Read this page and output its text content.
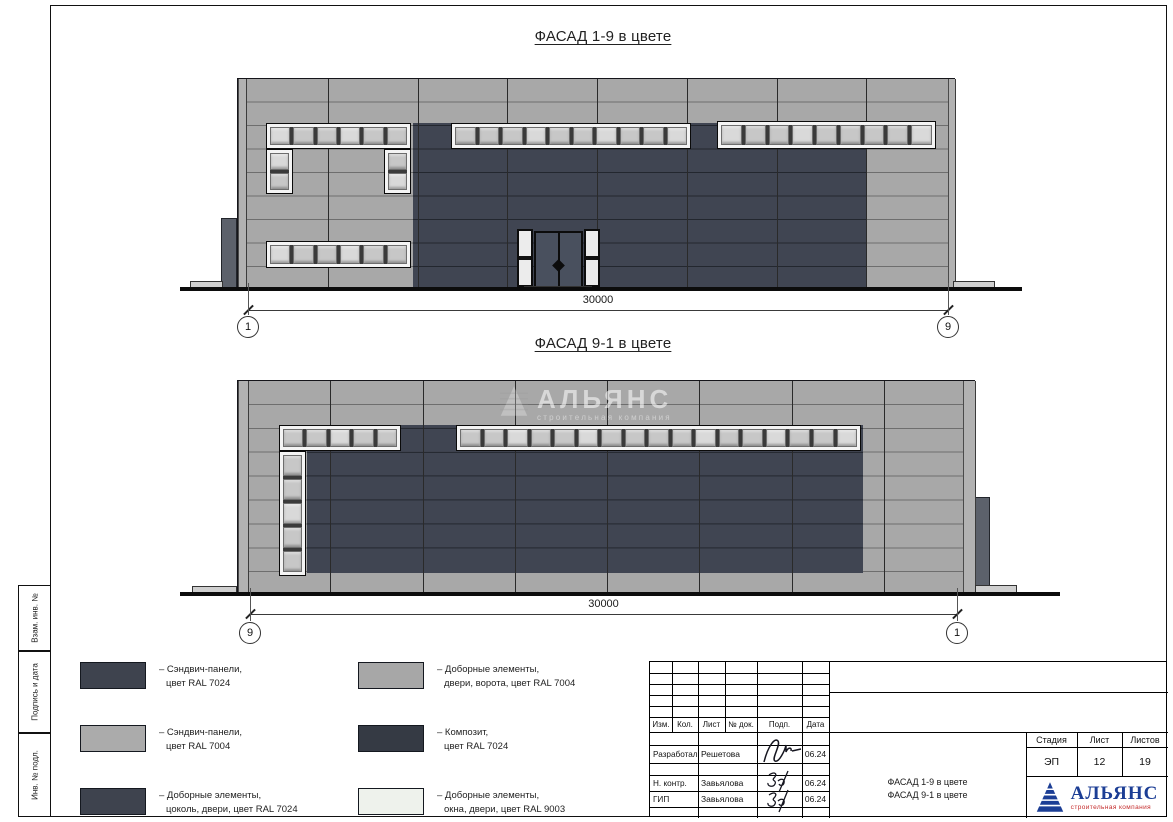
Взам. инв. №
Подпись и дата
Инв. № подл.
АЛЬЯНС
строительная компания
– Сэндвич-панели,
цвет RAL 7024
– Сэндвич-панели,
цвет RAL 7004
– Доборные элементы,
цоколь, двери, цвет RAL 7024
– Доборные элементы,
двери, ворота, цвет RAL 7004
– Композит,
цвет RAL 7024
– Доборные элементы,
окна, двери, цвет RAL 9003
Изм. Кол.	Лист № док.	Подп.	Дата
Разработал Решетова	06.24
Н. контр.	Завьялова	06.24
ГИП	Завьялова	06.24
ФАСАД 1-9 в цвете
ФАСАД 9-1 в цвете
Стадия	Лист	Листов
ЭП	12	19
АЛЬЯНС
строительная компания
ФАСАД 1-9 в цвете
30000
1	9
ФАСАД 9-1 в цвете
30000
9	1
